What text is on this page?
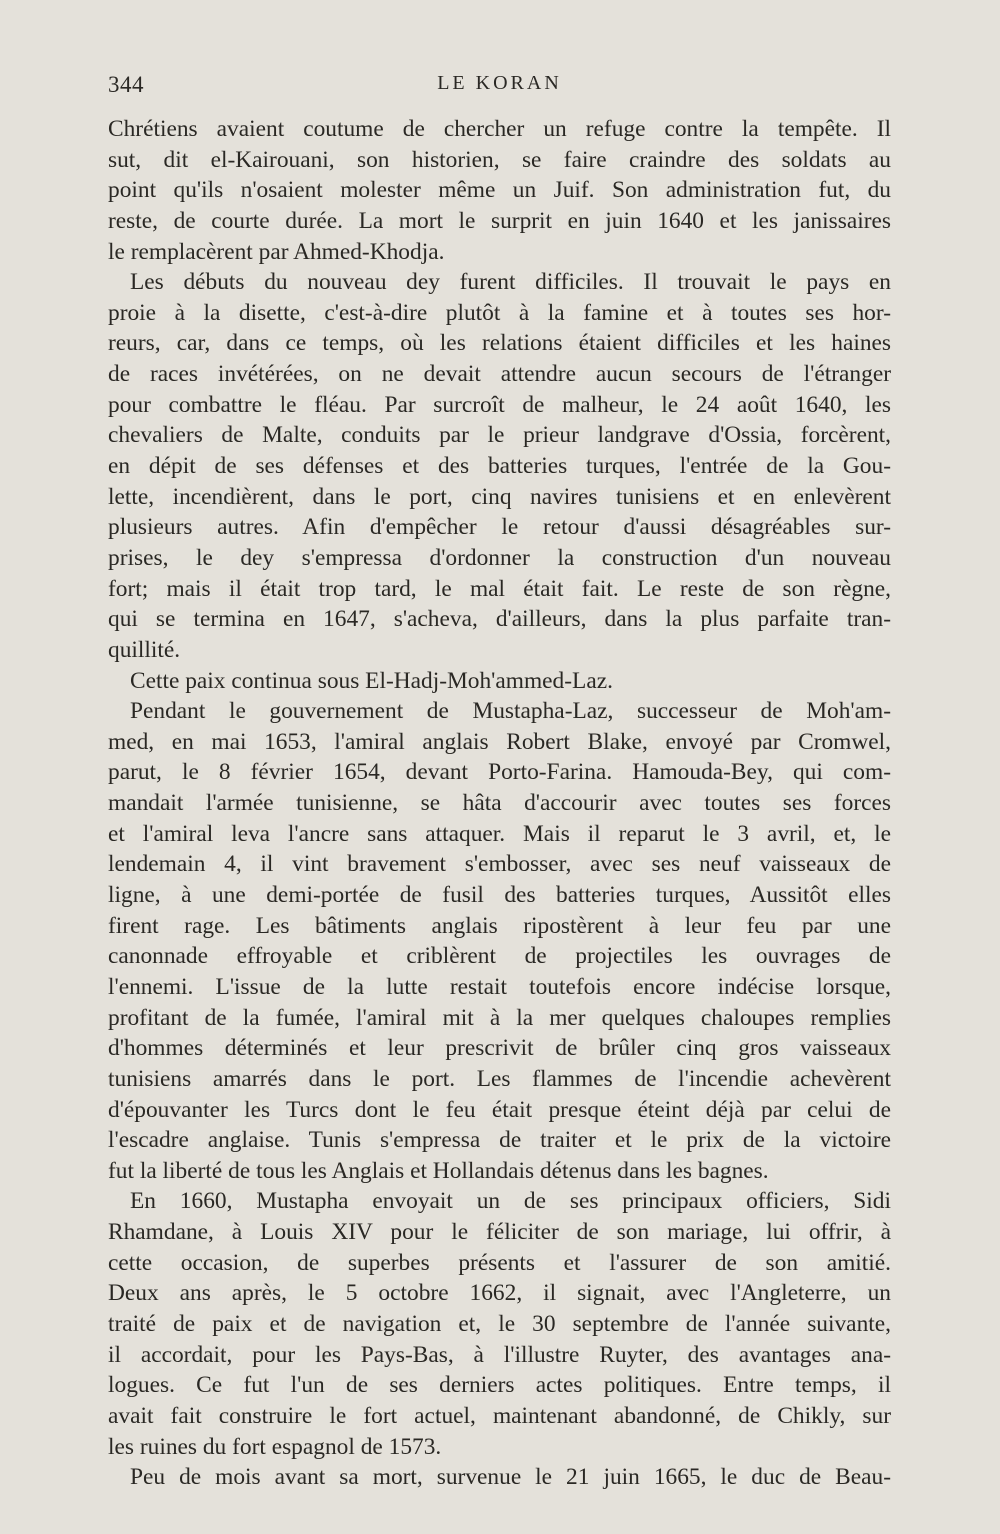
344	LE KORAN
Chrétiens avaient coutume de chercher un refuge contre la tempête. Il
sut, dit el-Kairouani, son historien, se faire craindre des soldats au
point qu'ils n'osaient molester même un Juif. Son administration fut, du
reste, de courte durée. La mort le surprit en juin 1640 et les janissaires
le remplacèrent par Ahmed-Khodja.
Les débuts du nouveau dey furent difficiles. Il trouvait le pays en
proie à la disette, c'est-à-dire plutôt à la famine et à toutes ses hor-
reurs, car, dans ce temps, où les relations étaient difficiles et les haines
de races invétérées, on ne devait attendre aucun secours de l'étranger
pour combattre le fléau. Par surcroît de malheur, le 24 août 1640, les
chevaliers de Malte, conduits par le prieur landgrave d'Ossia, forcèrent,
en dépit de ses défenses et des batteries turques, l'entrée de la Gou-
lette, incendièrent, dans le port, cinq navires tunisiens et en enlevèrent
plusieurs autres. Afin d'empêcher le retour d'aussi désagréables sur-
prises, le dey s'empressa d'ordonner la construction d'un nouveau
fort; mais il était trop tard, le mal était fait. Le reste de son règne,
qui se termina en 1647, s'acheva, d'ailleurs, dans la plus parfaite tran-
quillité.
Cette paix continua sous El-Hadj-Moh'ammed-Laz.
Pendant le gouvernement de Mustapha-Laz, successeur de Moh'am-
med, en mai 1653, l'amiral anglais Robert Blake, envoyé par Cromwel,
parut, le 8 février 1654, devant Porto-Farina. Hamouda-Bey, qui com-
mandait l'armée tunisienne, se hâta d'accourir avec toutes ses forces
et l'amiral leva l'ancre sans attaquer. Mais il reparut le 3 avril, et, le
lendemain 4, il vint bravement s'embosser, avec ses neuf vaisseaux de
ligne, à une demi-portée de fusil des batteries turques, Aussitôt elles
firent rage. Les bâtiments anglais ripostèrent à leur feu par une
canonnade effroyable et criblèrent de projectiles les ouvrages de
l'ennemi. L'issue de la lutte restait toutefois encore indécise lorsque,
profitant de la fumée, l'amiral mit à la mer quelques chaloupes remplies
d'hommes déterminés et leur prescrivit de brûler cinq gros vaisseaux
tunisiens amarrés dans le port. Les flammes de l'incendie achevèrent
d'épouvanter les Turcs dont le feu était presque éteint déjà par celui de
l'escadre anglaise. Tunis s'empressa de traiter et le prix de la victoire
fut la liberté de tous les Anglais et Hollandais détenus dans les bagnes.
En 1660, Mustapha envoyait un de ses principaux officiers, Sidi
Rhamdane, à Louis XIV pour le féliciter de son mariage, lui offrir, à
cette occasion, de superbes présents et l'assurer de son amitié.
Deux ans après, le 5 octobre 1662, il signait, avec l'Angleterre, un
traité de paix et de navigation et, le 30 septembre de l'année suivante,
il accordait, pour les Pays-Bas, à l'illustre Ruyter, des avantages ana-
logues. Ce fut l'un de ses derniers actes politiques. Entre temps, il
avait fait construire le fort actuel, maintenant abandonné, de Chikly, sur
les ruines du fort espagnol de 1573.
Peu de mois avant sa mort, survenue le 21 juin 1665, le duc de Beau-
